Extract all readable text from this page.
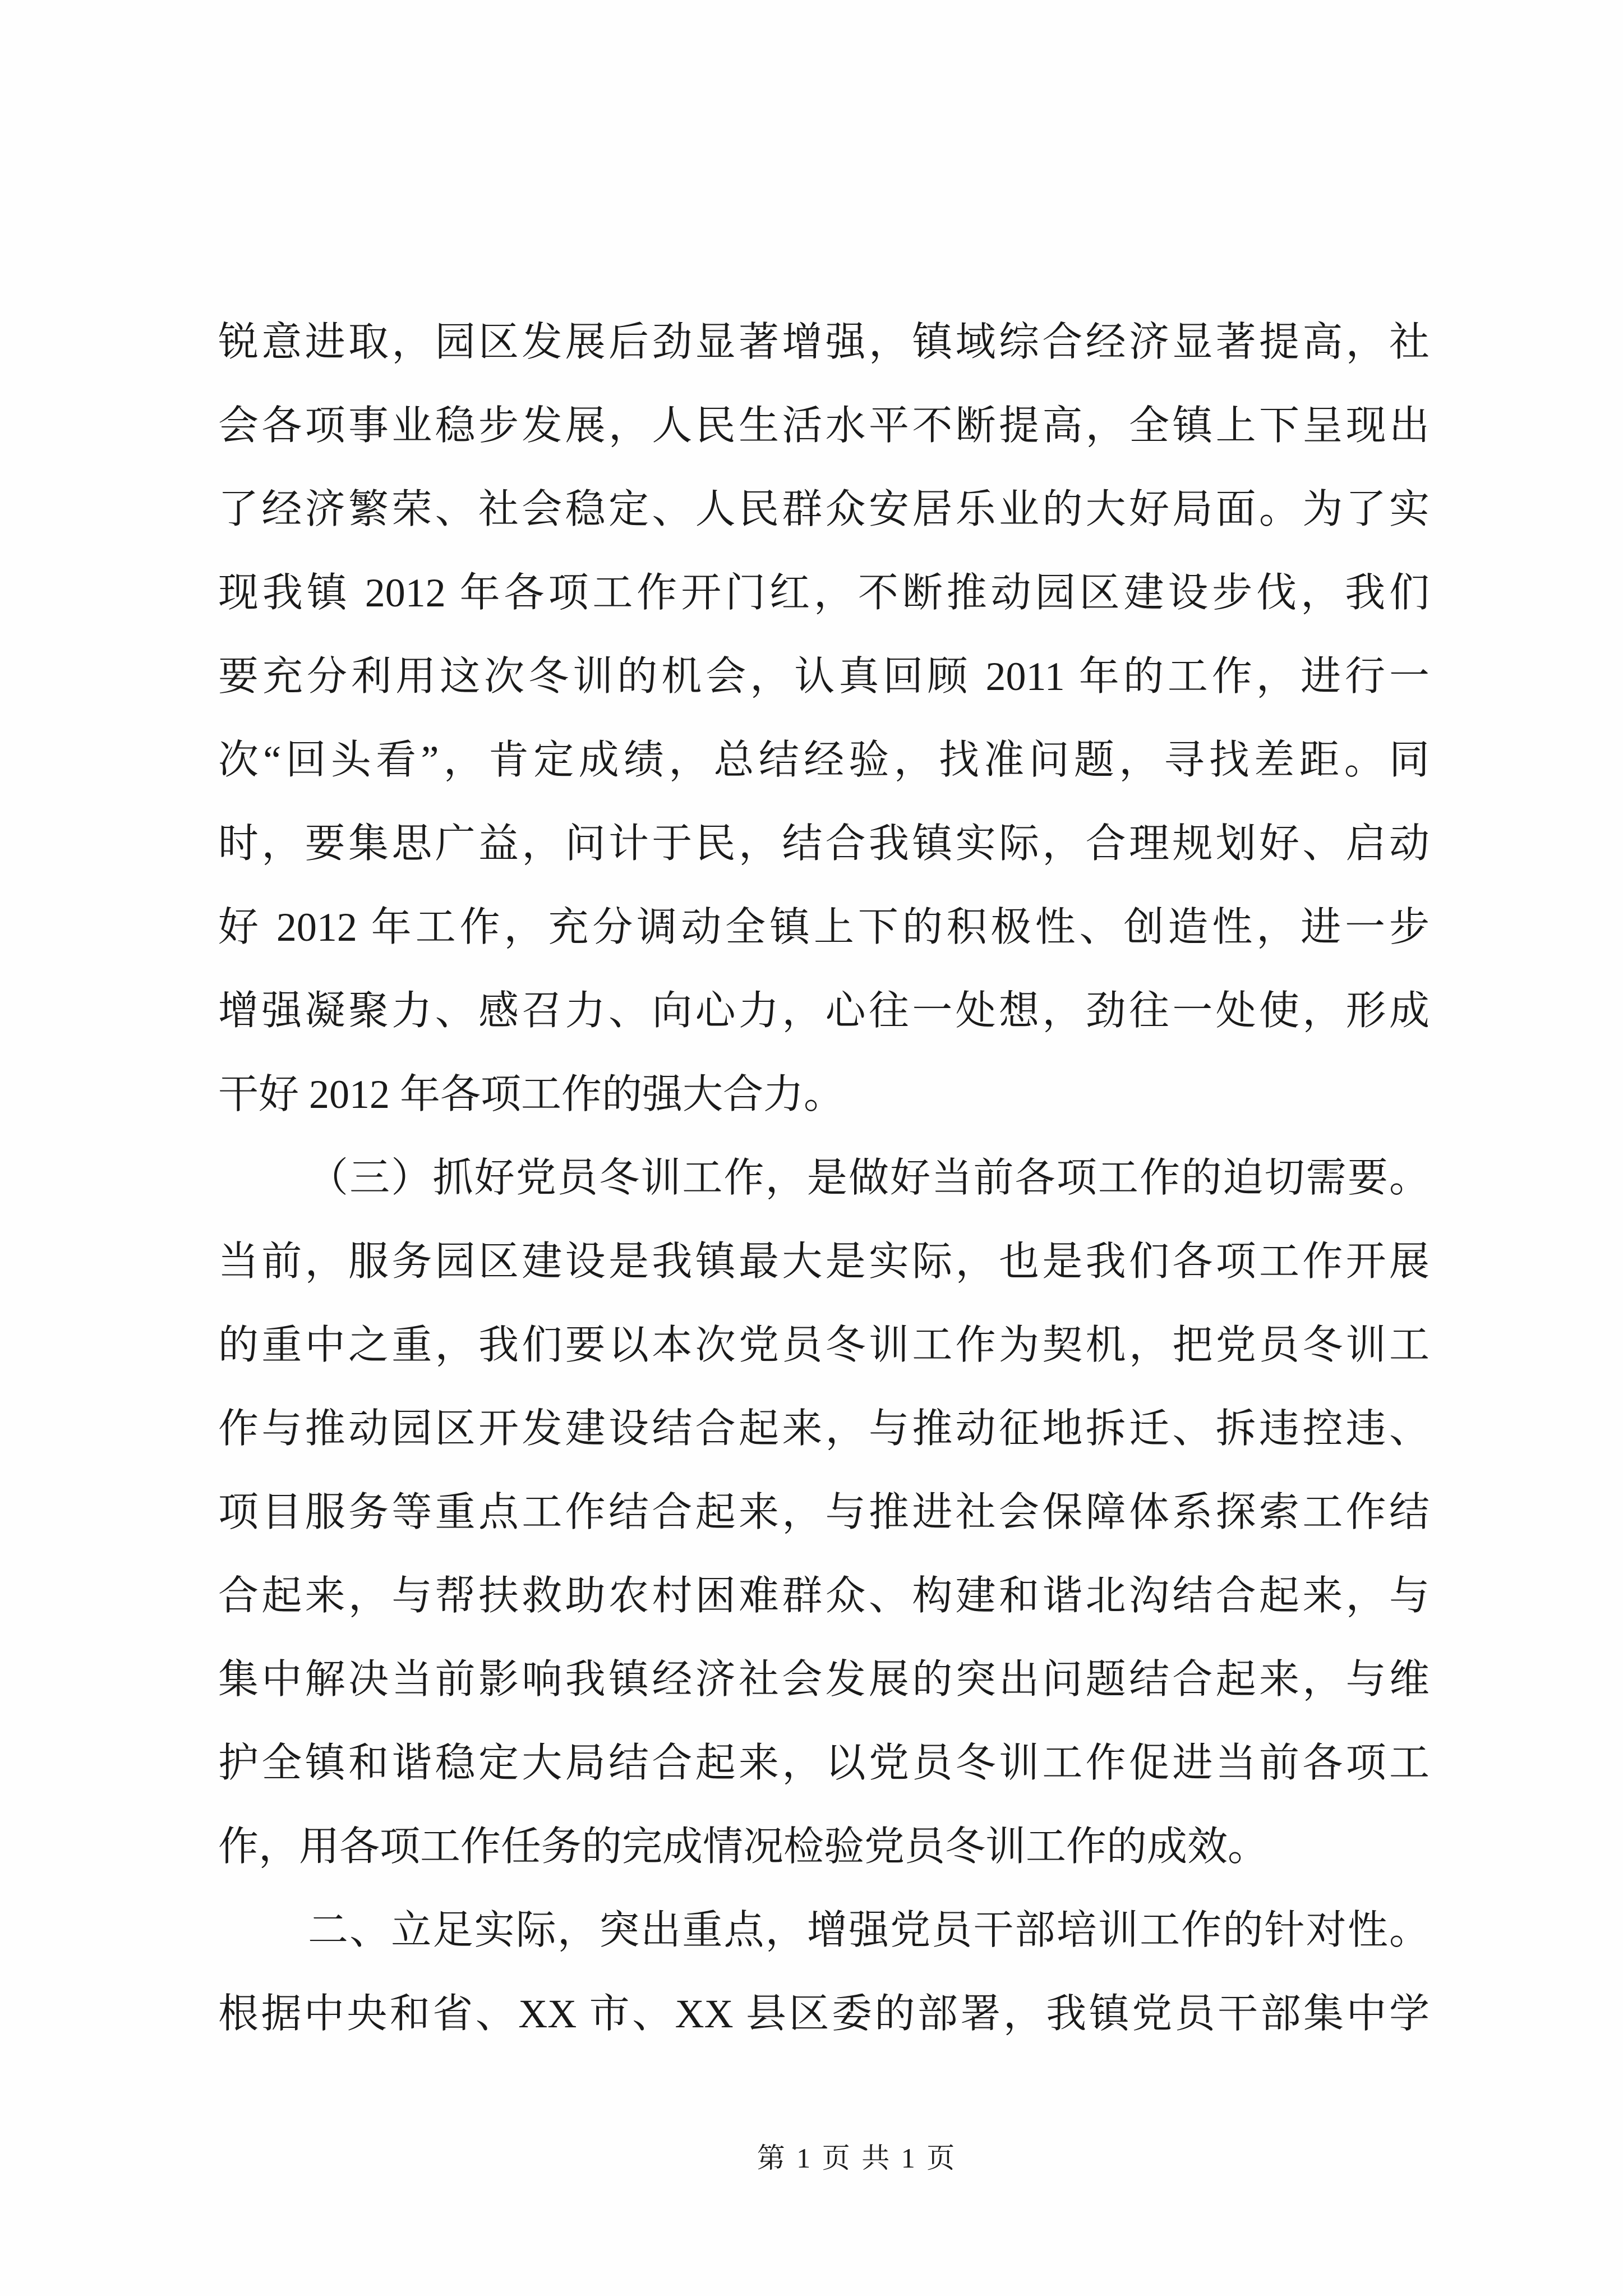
锐意进取，园区发展后劲显著增强，镇域综合经济显著提高，社
会各项事业稳步发展，人民生活水平不断提高，全镇上下呈现出
了经济繁荣、社会稳定、人民群众安居乐业的大好局面。为了实
现我镇 2012 年各项工作开门红，不断推动园区建设步伐，我们
要充分利用这次冬训的机会，认真回顾 2011 年的工作，进行一
次“回头看”，肯定成绩，总结经验，找准问题，寻找差距。同
时，要集思广益，问计于民，结合我镇实际，合理规划好、启动
好 2012 年工作，充分调动全镇上下的积极性、创造性，进一步
增强凝聚力、感召力、向心力，心往一处想，劲往一处使，形成
干好 2012 年各项工作的强大合力。
（三）抓好党员冬训工作，是做好当前各项工作的迫切需要。
当前，服务园区建设是我镇最大是实际，也是我们各项工作开展
的重中之重，我们要以本次党员冬训工作为契机，把党员冬训工
作与推动园区开发建设结合起来，与推动征地拆迁、拆违控违、
项目服务等重点工作结合起来，与推进社会保障体系探索工作结
合起来，与帮扶救助农村困难群众、构建和谐北沟结合起来，与
集中解决当前影响我镇经济社会发展的突出问题结合起来，与维
护全镇和谐稳定大局结合起来，以党员冬训工作促进当前各项工
作，用各项工作任务的完成情况检验党员冬训工作的成效。
二、立足实际，突出重点，增强党员干部培训工作的针对性。
根据中央和省、XX 市、XX 县区委的部署，我镇党员干部集中学
第 1 页 共 1 页
